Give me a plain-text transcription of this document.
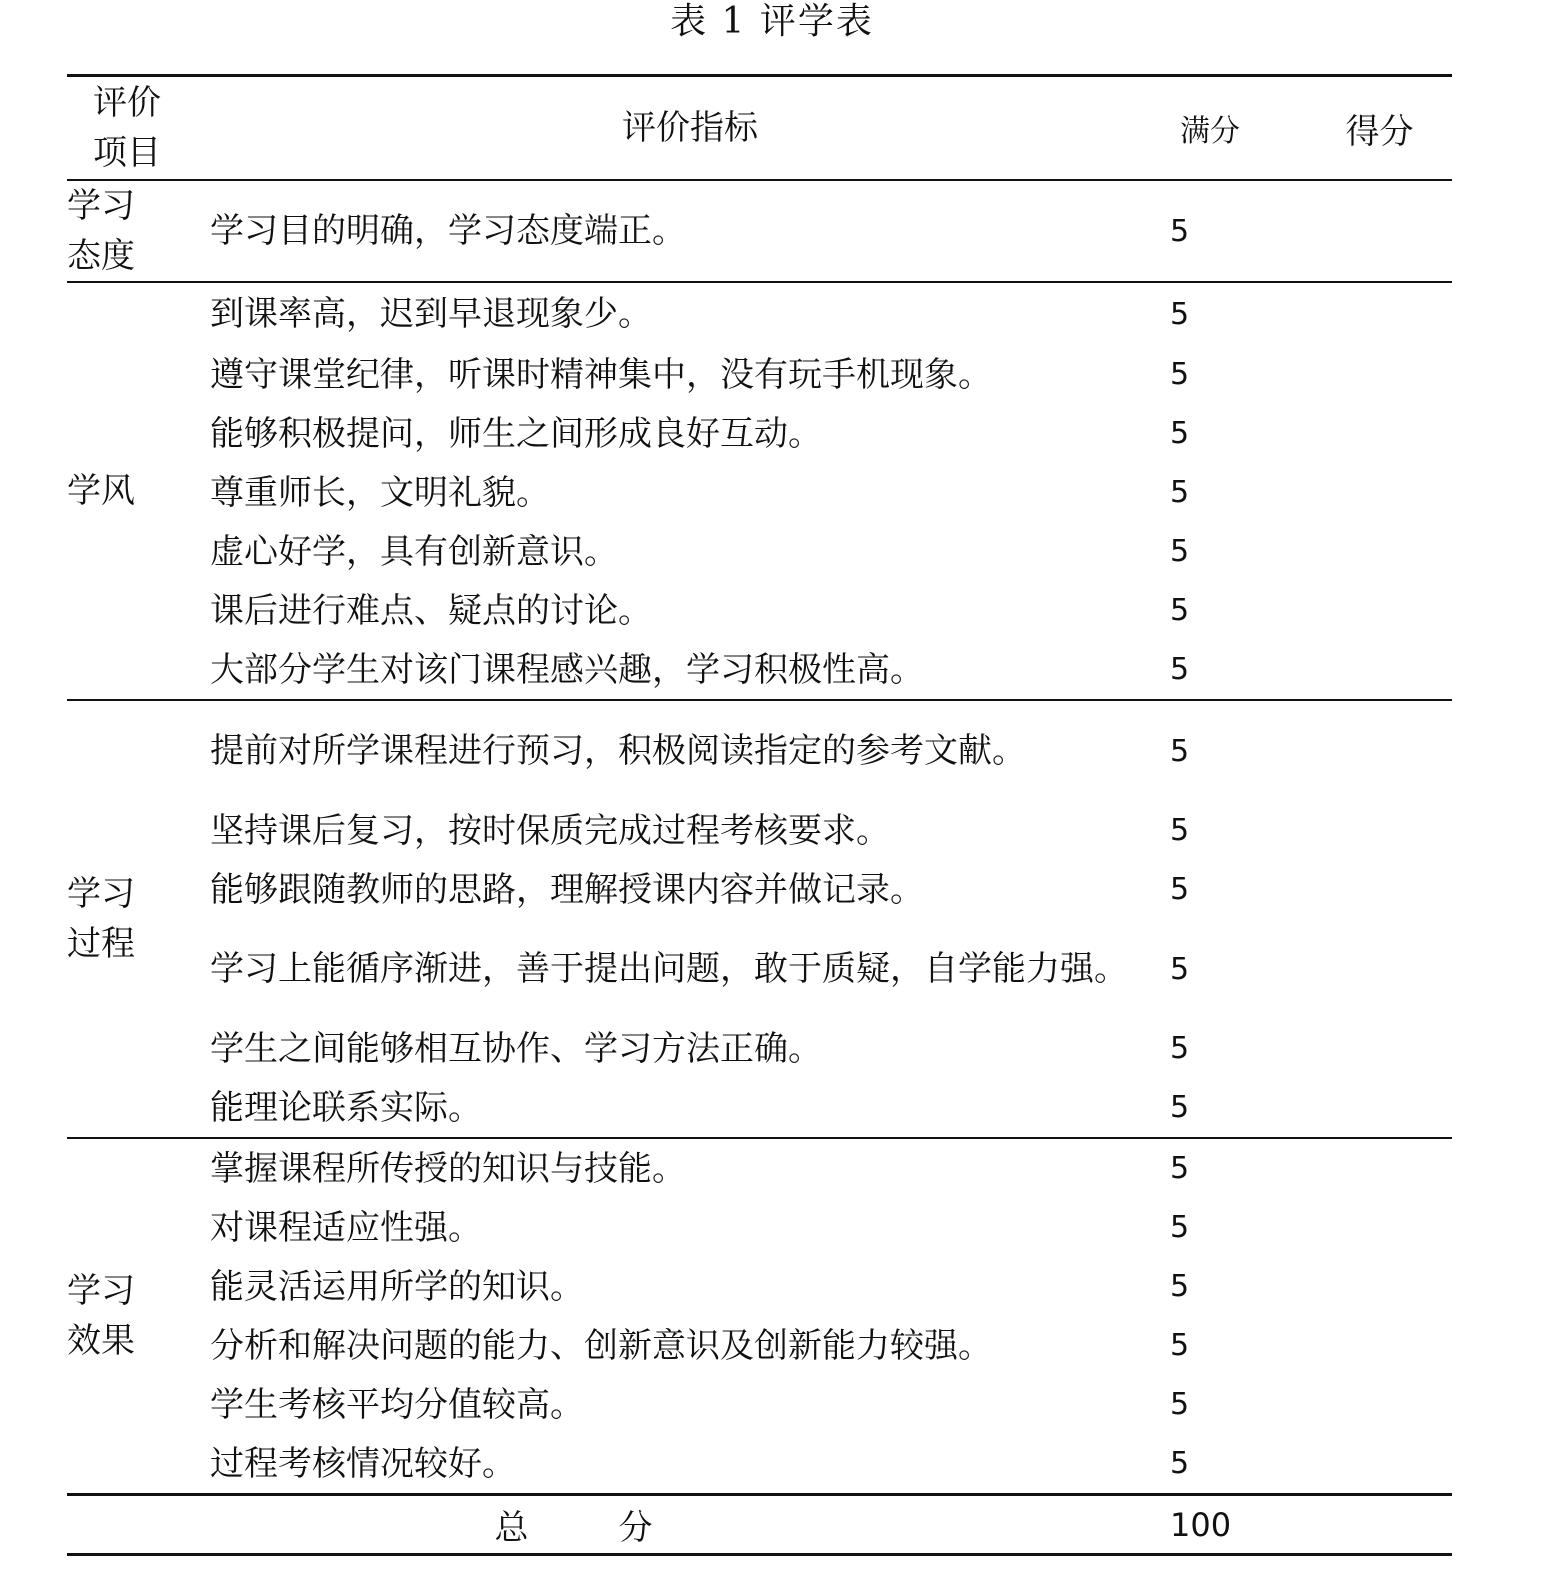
表 1 评学表
评价
项目	评价指标	满分	得分

学习
态度	学习目的明确，学习态度端正。	5	

学风	到课率高，迟到早退现象少。	5	
	遵守课堂纪律，听课时精神集中，没有玩手机现象。	5	
	能够积极提问，师生之间形成良好互动。	5	
	尊重师长，文明礼貌。	5	
	虚心好学，具有创新意识。	5	
	课后进行难点、疑点的讨论。	5	
	大部分学生对该门课程感兴趣，学习积极性高。	5	

学习
过程	提前对所学课程进行预习，积极阅读指定的参考文献。	5	
	坚持课后复习，按时保质完成过程考核要求。	5	
	能够跟随教师的思路，理解授课内容并做记录。	5	
	学习上能循序渐进，善于提出问题，敢于质疑，自学能力强。	5	
	学生之间能够相互协作、学习方法正确。	5	
	能理论联系实际。	5	

学习
效果	掌握课程所传授的知识与技能。	5	
	对课程适应性强。	5	
	能灵活运用所学的知识。	5	
	分析和解决问题的能力、创新意识及创新能力较强。	5	
	学生考核平均分值较高。	5	
	过程考核情况较好。	5	
总分		100	
